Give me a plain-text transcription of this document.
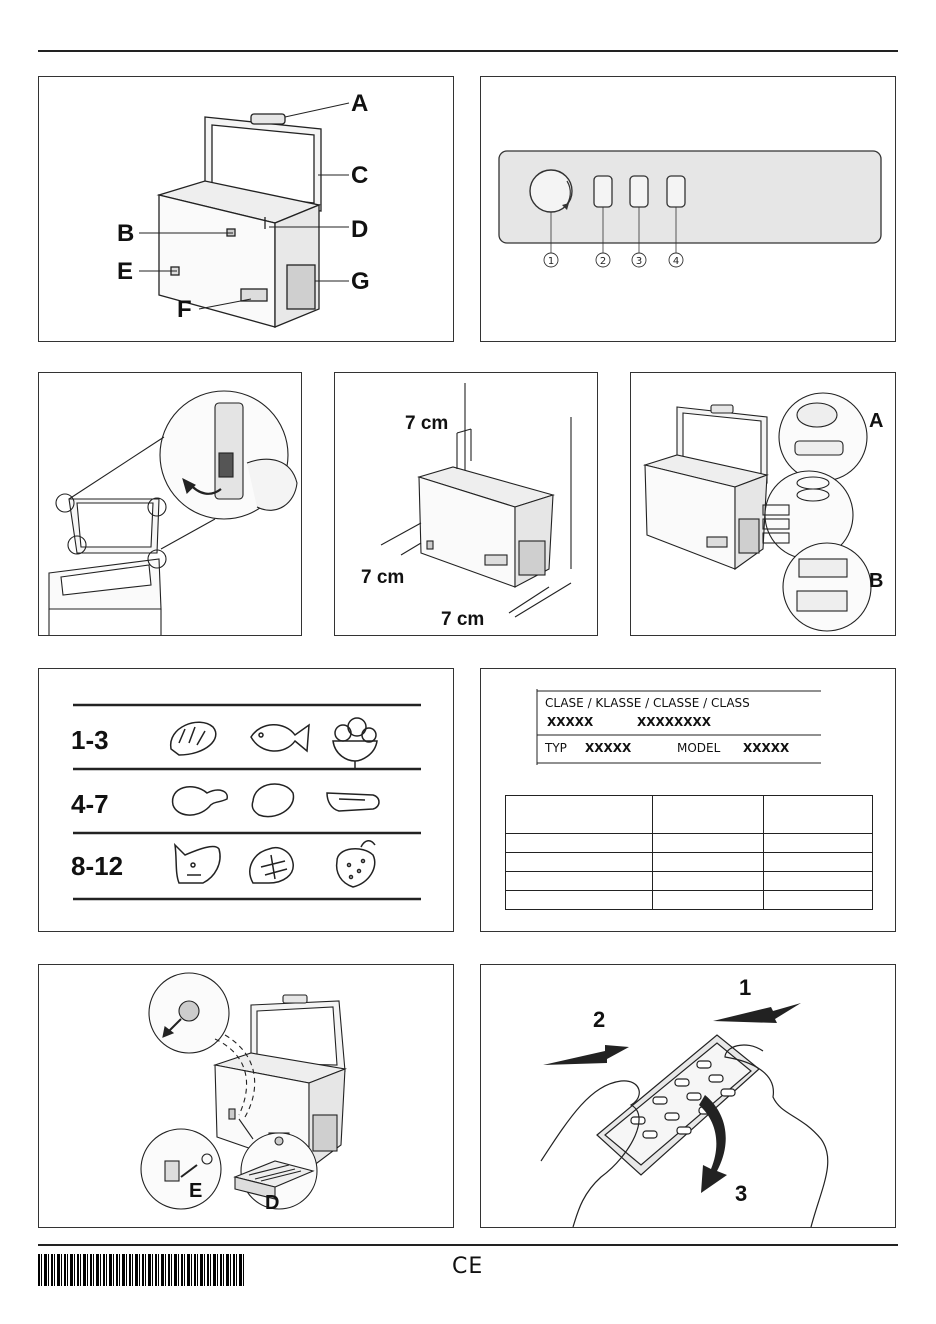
A
C
B	D
E
F
G
1	2	3	4
7 cm
7 cm
7 cm
A
B
1-3
4-7
8-12
CLASE / KLASSE / CLASSE / CLASS
XXXXX	XXXXXXXX
TYP XXXXX	MODEL XXXXX

E
D
1
2
3
CE
